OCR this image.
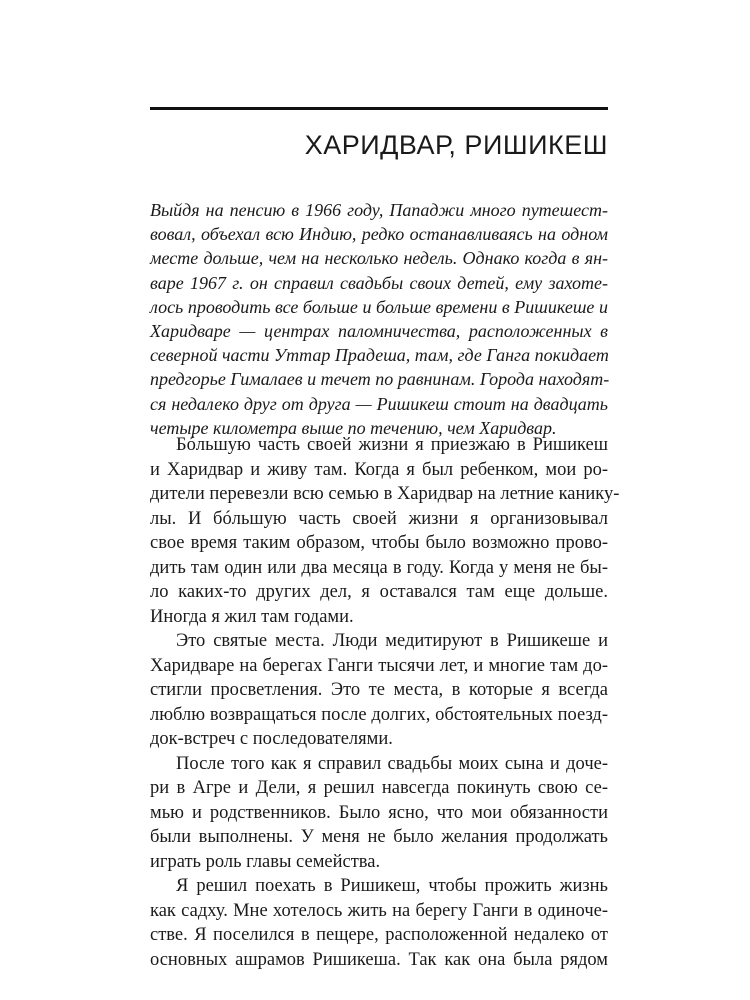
ХАРИДВАР, РИШИКЕШ
Выйдя на пенсию в 1966 году, Пападжи много путешест-
вовал, объехал всю Индию, редко останавливаясь на одном
месте дольше, чем на несколько недель. Однако когда в ян-
варе 1967 г. он справил свадьбы своих детей, ему захоте-
лось проводить все больше и больше времени в Ришикеше и
Харидваре — центрах паломничества, расположенных в
северной части Уттар Прадеша, там, где Ганга покидает
предгорье Гималаев и течет по равнинам. Города находят-
ся недалеко друг от друга — Ришикеш стоит на двадцать
четыре километра выше по течению, чем Харидвар.
Бóльшую часть своей жизни я приезжаю в Ришикеш
и Харидвар и живу там. Когда я был ребенком, мои ро-
дители перевезли всю семью в Харидвар на летние канику-
лы. И бóльшую часть своей жизни я организовывал
свое время таким образом, чтобы было возможно прово-
дить там один или два месяца в году. Когда у меня не бы-
ло каких-то других дел, я оставался там еще дольше.
Иногда я жил там годами.
Это святые места. Люди медитируют в Ришикеше и
Харидваре на берегах Ганги тысячи лет, и многие там до-
стигли просветления. Это те места, в которые я всегда
люблю возвращаться после долгих, обстоятельных поезд-
док-встреч с последователями.
После того как я справил свадьбы моих сына и доче-
ри в Агре и Дели, я решил навсегда покинуть свою се-
мью и родственников. Было ясно, что мои обязанности
были выполнены. У меня не было желания продолжать
играть роль главы семейства.
Я решил поехать в Ришикеш, чтобы прожить жизнь
как садху. Мне хотелось жить на берегу Ганги в одиноче-
стве. Я поселился в пещере, расположенной недалеко от
основных ашрамов Ришикеша. Так как она была рядом
